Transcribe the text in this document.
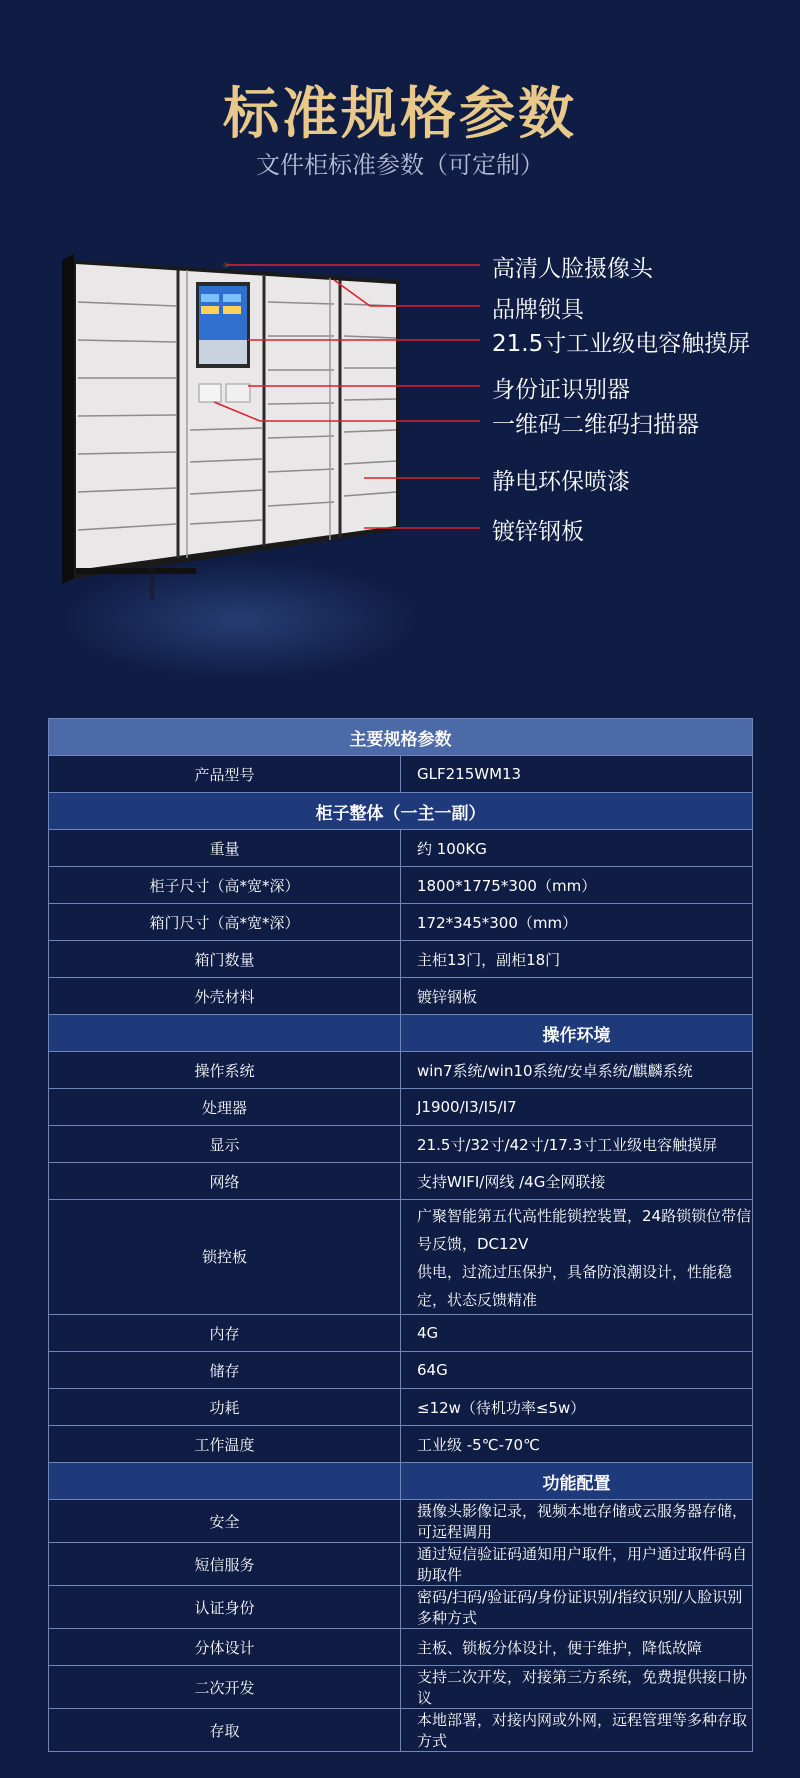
标准规格参数
文件柜标准参数（可定制）
高清人脸摄像头
品牌锁具
21.5寸工业级电容触摸屏
身份证识别器
一维码二维码扫描器
静电环保喷漆
镀锌钢板
主要规格参数	
产品型号	GLF215WM13
柜子整体（一主一副）	
重量	约 100KG
柜子尺寸（高*宽*深）	1800*1775*300（mm）
箱门尺寸（高*宽*深）	172*345*300（mm）
箱门数量	主柜13门，副柜18门
外壳材料	镀锌钢板
	操作环境
操作系统	win7系统/win10系统/安卓系统/麒麟系统
处理器	J1900/I3/I5/I7
显示	21.5寸/32寸/42寸/17.3寸工业级电容触摸屏
网络	支持WIFI/网线 /4G全网联接
锁控板	广聚智能第五代高性能锁控装置，24路锁锁位带信号反馈，DC12V
供电，过流过压保护，具备防浪潮设计，性能稳定，状态反馈精准

内存	4G
储存	64G
功耗	≤12w（待机功率≤5w）
工作温度	工业级 -5℃-70℃
	功能配置
安全	摄像头影像记录，视频本地存储或云服务器存储，可远程调用
短信服务	通过短信验证码通知用户取件，用户通过取件码自助取件
认证身份	密码/扫码/验证码/身份证识别/指纹识别/人脸识别多种方式
分体设计	主板、锁板分体设计，便于维护，降低故障
二次开发	支持二次开发，对接第三方系统，免费提供接口协议
存取	本地部署，对接内网或外网，远程管理等多种存取方式
